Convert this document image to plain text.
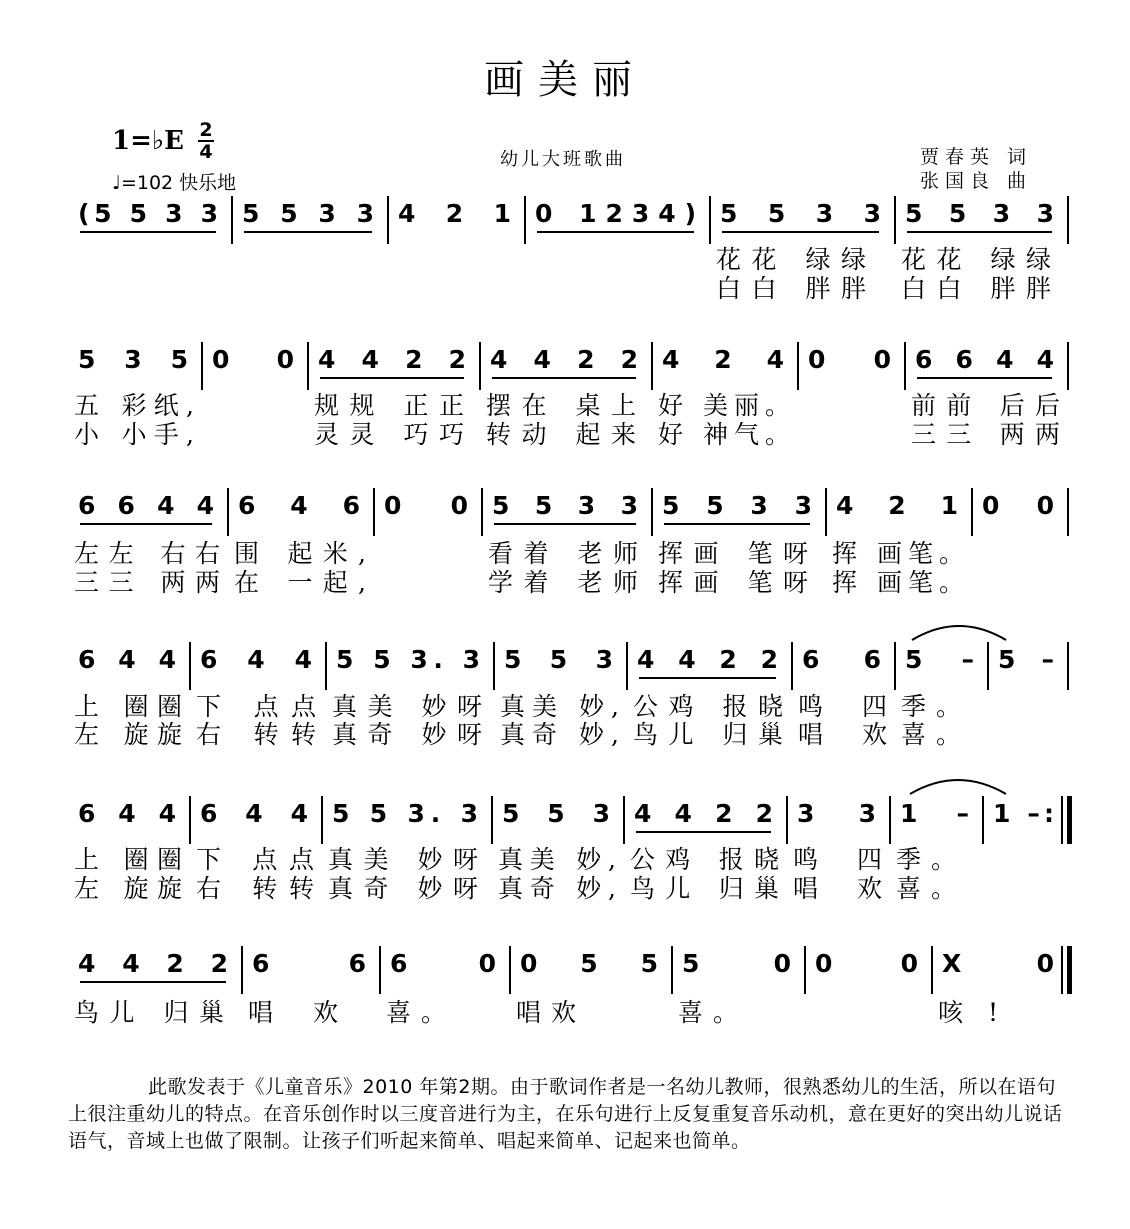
画美丽
1=♭E 2
4
♩=102 快乐地
幼儿大班歌曲	贾春英 词
张国良 曲
(5 5 3 3 5 5 3 3 4 2 1 0 1234) 5 5 3 3 5 5 3 3
花花 绿绿 花花 绿绿
白白 胖胖 白白 胖胖
5 3 5 0 0 4 4 2 2 4 4 2 2 4 2 4 0 0 6 6 4 4
五 彩纸,	规规 正正 摆在 桌上 好 美丽。	前前 后后
小 小手,	灵灵 巧巧 转动 起来 好 神气。	三三 两两
6 6 4 4 6 4 6 0 0 5 5 3 3 5 5 3 3 4 2 1 0 0
左左 右右 围 起米,	看着 老师 挥画 笔呀 挥 画笔。
三三 两两 在 一起,	学着 老师 挥画 笔呀 挥 画笔。
6 4 4 6 4 4 5 5 3. 3 5 5 3 4 4 2 2 6 6 5 – 5 –
上 圈圈 下 点点 真美 妙呀 真美 妙, 公鸡 报晓 鸣 四 季。
左 旋旋 右 转转 真奇 妙呀 真奇 妙, 鸟儿 归巢 唱 欢 喜。
6 4 4 6 4 4 5 5 3. 3 5 5 3 4 4 2 2 3 3 1 – 1 –:
上 圈圈 下 点点 真美 妙呀 真美 妙, 公鸡 报晓 鸣 四 季。
左 旋旋 右 转转 真奇 妙呀 真奇 妙, 鸟儿 归巢 唱 欢 喜。
4 4 2 2 6 6 6 0 0 5 5 5 0 0 0 X 0
鸟儿 归巢 唱 欢 喜。	唱欢	喜。	咳!
此歌发表于《儿童音乐》2010 年第2期。由于歌词作者是一名幼儿教师，很熟悉幼儿的生活，所以在语句上很注重幼儿的特点。在音乐创作时以三度音进行为主，在乐句进行上反复重复音乐动机，意在更好的突出幼儿说话语气，音域上也做了限制。让孩子们听起来简单、唱起来简单、记起来也简单。
